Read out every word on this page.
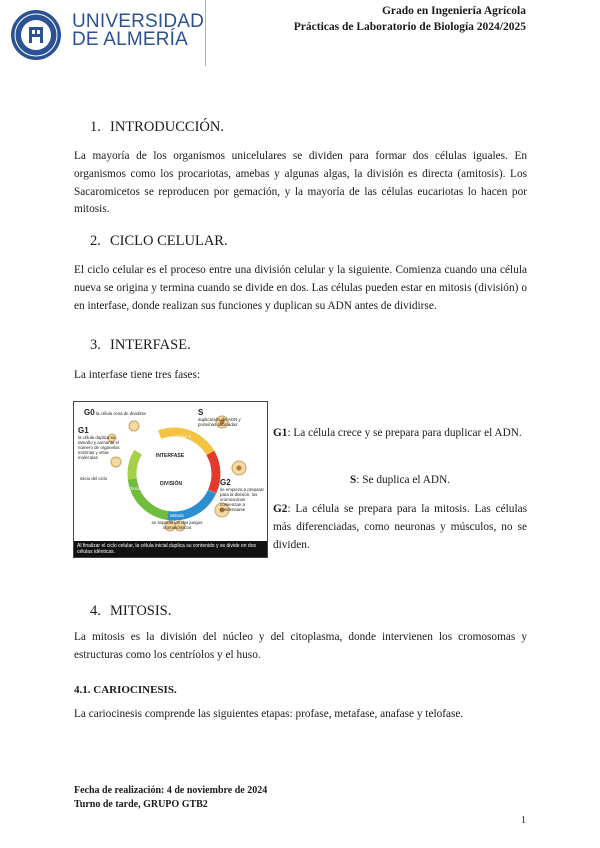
UNIVERSIDAD
DE ALMERÍA
Grado en Ingeniería Agrícola
Prácticas de Laboratorio de Biología 2024/2025
1. INTRODUCCIÓN.
La mayoría de los organismos unicelulares se dividen para formar dos células iguales. En organismos como los procariotas, amebas y algunas algas, la división es directa (amitosis). Los Sacaromicetos se reproducen por gemación, y la mayoría de las células eucariotas lo hacen por mitosis.
2. CICLO CELULAR.
El ciclo celular es el proceso entre una división celular y la siguiente. Comienza cuando una célula nueva se origina y termina cuando se divide en dos. Las células pueden estar en mitosis (división) o en interfase, donde realizan sus funciones y duplican su ADN antes de dividirse.
3. INTERFASE.
La interfase tiene tres fases:
G0 la célula cesa de dividirse
G1
la célula duplica su tamaño y aumenta el número de organelos enzimas y otras moléculas
S
duplicación del ADN y proteínas asociadas
G2
se empieza a preparar para la división, los cromosomas comienzan a condensarse
inicio del ciclo
se separan los dos juegos cromosómicos
INTERFASE
DIVISIÓN
Fase S
Mitosis
Citocinesis
Al finalizar el ciclo celular, la célula inicial duplica su contenido y se divide en dos células idénticas.
G1: La célula crece y se prepara para duplicar el ADN.
S: Se duplica el ADN.
G2: La célula se prepara para la mitosis. Las células más diferenciadas, como neuronas y músculos, no se dividen.
4. MITOSIS.
La mitosis es la división del núcleo y del citoplasma, donde intervienen los cromosomas y estructuras como los centríolos y el huso.
4.1. CARIOCINESIS.
La cariocinesis comprende las siguientes etapas: profase, metafase, anafase y telofase.
Fecha de realización: 4 de noviembre de 2024
Turno de tarde, GRUPO GTB2
1
